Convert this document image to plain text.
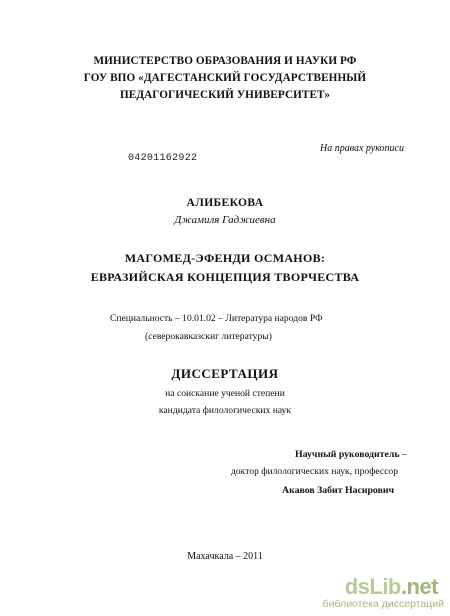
МИНИСТЕРСТВО ОБРАЗОВАНИЯ И НАУКИ РФ
ГОУ ВПО «ДАГЕСТАНСКИЙ ГОСУДАРСТВЕННЫЙ
ПЕДАГОГИЧЕСКИЙ УНИВЕРСИТЕТ»
На правах рукописи
04201162922
АЛИБЕКОВА
Джамиля Гаджиевна
МАГОМЕД-ЭФЕНДИ ОСМАНОВ:
ЕВРАЗИЙСКАЯ КОНЦЕПЦИЯ ТВОРЧЕСТВА
Специальность – 10.01.02 – Литература народов РФ
(северокавказскиг литературы)
ДИССЕРТАЦИЯ
на соискание ученой степени
кандидата филологических наук
Научный руководитель –
доктор филологических наук, профессор
Акавов Забит Насирович
Махачкала – 2011
dsLib.net
библиотека диссертаций
